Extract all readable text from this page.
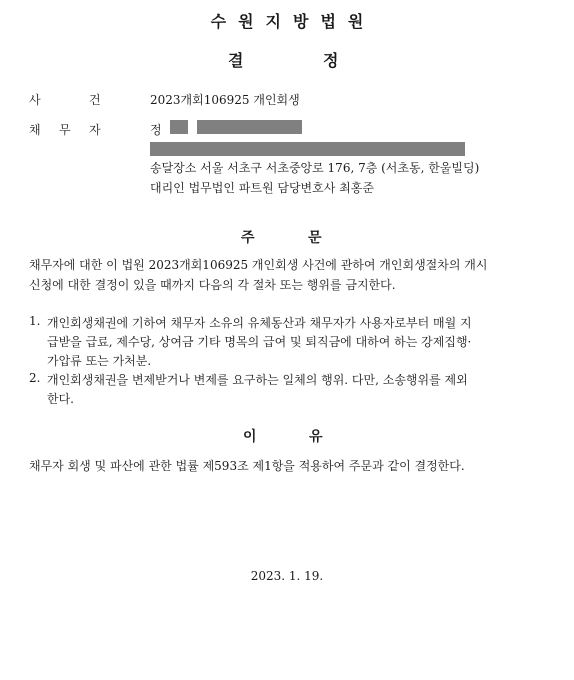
수원지방법원
결	정
사	건	2023개회106925 개인회생
채 무 자	정
송달장소 서울 서초구 서초중앙로 176, 7층 (서초동, 한울빌딩)
대리인 법무법인 파트원 담당변호사 최홍준
주	문
채무자에 대한 이 법원 2023개회106925 개인회생 사건에 관하여 개인회생절차의 개시
신청에 대한 결정이 있을 때까지 다음의 각 절차 또는 행위를 금지한다.
1. 개인회생채권에 기하여 채무자 소유의 유체동산과 채무자가 사용자로부터 매월 지
급받을 급료, 제수당, 상여금 기타 명목의 급여 및 퇴직금에 대하여 하는 강제집행·
가압류 또는 가처분.
2. 개인회생채권을 변제받거나 변제를 요구하는 일체의 행위. 다만, 소송행위를 제외
한다.
이	유
채무자 회생 및 파산에 관한 법률 제593조 제1항을 적용하여 주문과 같이 결정한다.
2023. 1. 19.
